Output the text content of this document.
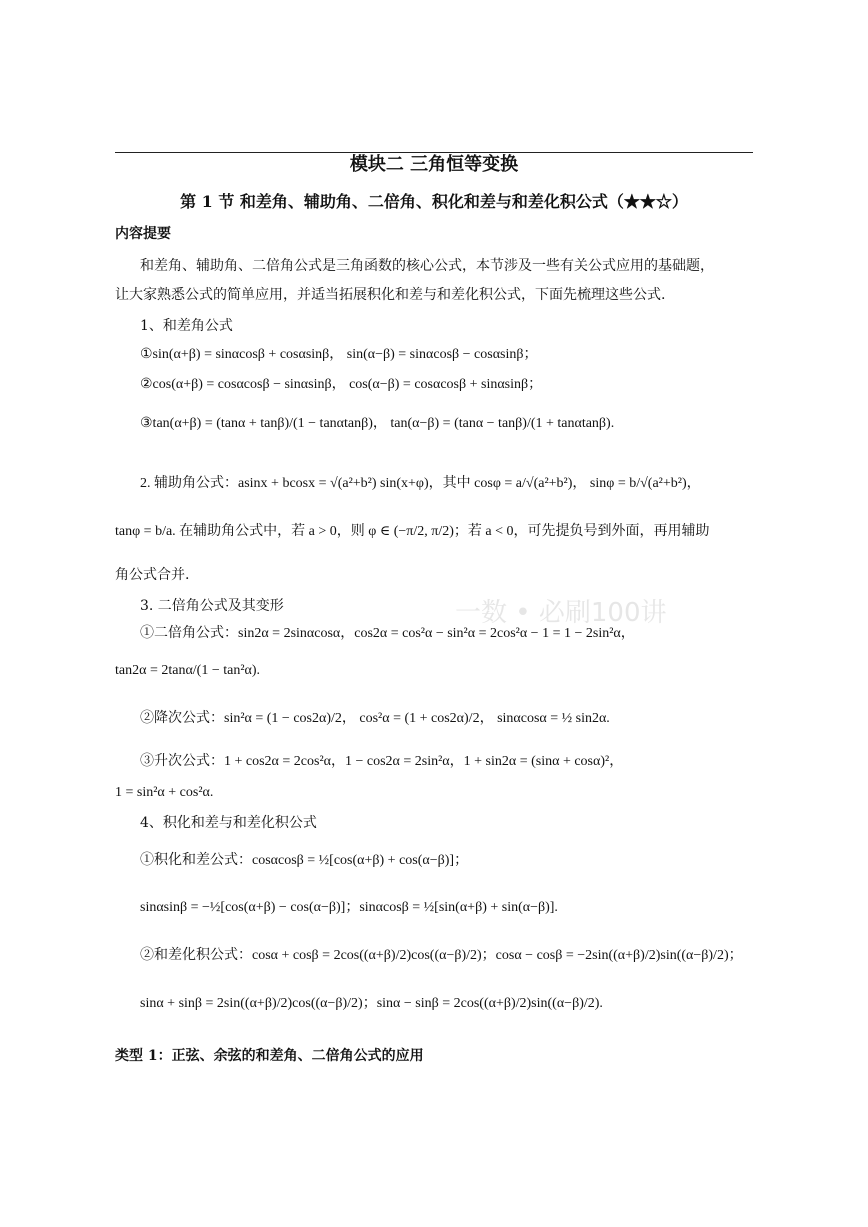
模块二 三角恒等变换
第 1 节 和差角、辅助角、二倍角、积化和差与和差化积公式（★★☆）
内容提要
和差角、辅助角、二倍角公式是三角函数的核心公式，本节涉及一些有关公式应用的基础题，
让大家熟悉公式的简单应用，并适当拓展积化和差与和差化积公式，下面先梳理这些公式.
1、和差角公式
①sin(α+β) = sinαcosβ + cosαsinβ， sin(α−β) = sinαcosβ − cosαsinβ；
②cos(α+β) = cosαcosβ − sinαsinβ， cos(α−β) = cosαcosβ + sinαsinβ；
③tan(α+β) = (tanα + tanβ)/(1 − tanαtanβ)， tan(α−β) = (tanα − tanβ)/(1 + tanαtanβ).
2. 辅助角公式：asinx + bcosx = √(a²+b²) sin(x+φ)，其中 cosφ = a/√(a²+b²)， sinφ = b/√(a²+b²)，
tanφ = b/a. 在辅助角公式中，若 a > 0，则 φ ∈ (−π/2, π/2)；若 a < 0，可先提负号到外面，再用辅助
角公式合并.
一数 • 必刷100讲
3. 二倍角公式及其变形
①二倍角公式：sin2α = 2sinαcosα，cos2α = cos²α − sin²α = 2cos²α − 1 = 1 − 2sin²α，
tan2α = 2tanα/(1 − tan²α).
②降次公式：sin²α = (1 − cos2α)/2， cos²α = (1 + cos2α)/2， sinαcosα = ½ sin2α.
③升次公式：1 + cos2α = 2cos²α，1 − cos2α = 2sin²α，1 + sin2α = (sinα + cosα)²，
1 = sin²α + cos²α.
4、积化和差与和差化积公式
①积化和差公式：cosαcosβ = ½[cos(α+β) + cos(α−β)]；
sinαsinβ = −½[cos(α+β) − cos(α−β)]；sinαcosβ = ½[sin(α+β) + sin(α−β)].
②和差化积公式：cosα + cosβ = 2cos((α+β)/2)cos((α−β)/2)；cosα − cosβ = −2sin((α+β)/2)sin((α−β)/2)；
sinα + sinβ = 2sin((α+β)/2)cos((α−β)/2)；sinα − sinβ = 2cos((α+β)/2)sin((α−β)/2).
类型 1：正弦、余弦的和差角、二倍角公式的应用
